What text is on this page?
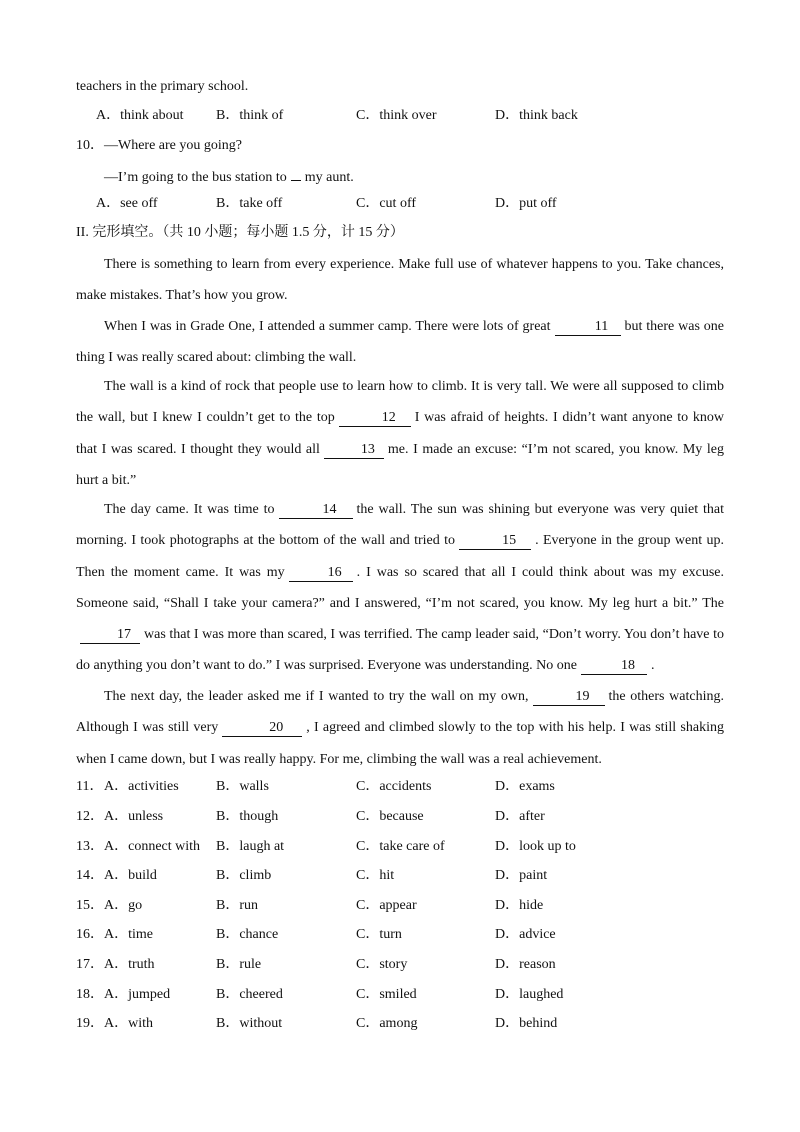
teachers in the primary school.
A．think about B．think of	C．think over	D．think back
10．—Where are you going?
—I’m going to the bus station to my aunt.
A．see off	B．take off	C．cut off	D．put off
II. 完形填空。（共 10 小题；每小题 1.5 分，计 15 分）

There is something to learn from every experience. Make full use of whatever happens to you. Take chances, make mistakes. That’s how you grow.

When I was in Grade One, I attended a summer camp. There were lots of great	11 but there was one thing I was really scared about: climbing the wall.

The wall is a kind of rock that people use to learn how to climb. It is very tall. We were all supposed to climb the wall, but I knew I couldn’t get to the top	12 I was afraid of heights. I didn’t want anyone to know that I was scared. I thought they would all	13 me. I made an excuse: “I’m not scared, you know. My leg hurt a bit.”

The day came. It was time to	14 the wall. The sun was shining but everyone was very quiet that morning. I took photographs at the bottom of the wall and tried to	15 . Everyone in the group went up. Then the moment came. It was my	16 . I was so scared that all I could think about was my excuse. Someone said, “Shall I take your camera?” and I answered, “I’m not scared, you know. My leg hurt a bit.” The17 was that I was more than scared, I was terrified. The camp leader said, “Don’t worry. You don’t have to do anything you don’t want to do.” I was surprised. Everyone was understanding. No one	18 .

The next day, the leader asked me if I wanted to try the wall on my own,	19 the others watching. Although I was still very	20 , I agreed and climbed slowly to the top with his help. I was still shaking when I came down, but I was really happy. For me, climbing the wall was a real achievement.

11． A．activities	B．walls	C．accidents	D．exams
12． A．unless	B．though	C．because	D．after
13． A．connect with B．laugh at	C．take care of	D．look up to
14． A．build	B．climb	C．hit	D．paint
15． A．go	B．run	C．appear	D．hide
16． A．time	B．chance	C．turn	D．advice
17． A．truth	B．rule	C．story	D．reason
18． A．jumped	B．cheered	C．smiled	D．laughed
19． A．with	B．without	C．among	D．behind
